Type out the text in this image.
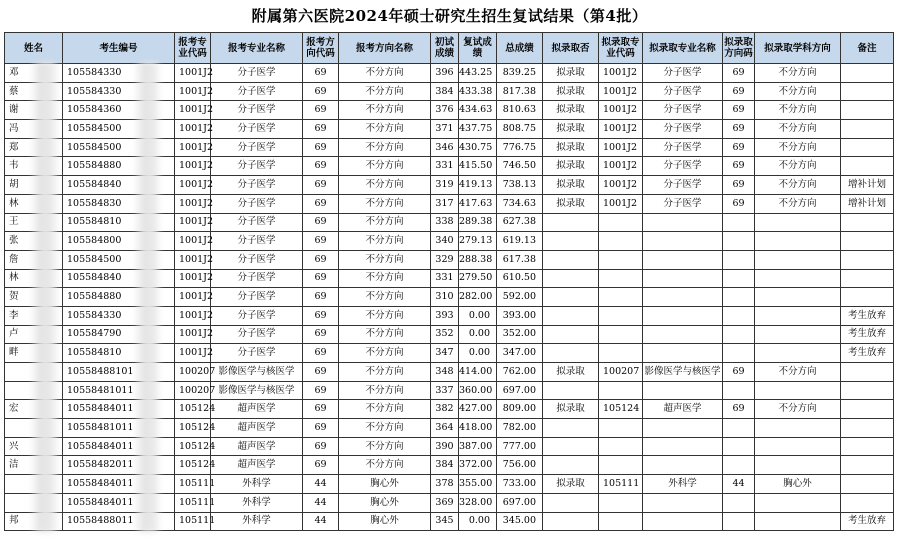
附属第六医院2024年硕士研究生招生复试结果（第4批）
姓名	考生编号	报考专业代码	报考专业名称	报考方向代码	报考方向名称	初试成绩	复试成绩	总成绩	拟录取否	拟录取专业代码	拟录取专业名称	拟录取方向码	拟录取学科方向	备注
邓	105584330	1001J2	分子医学	69	不分方向	396	443.25	839.25	拟录取	1001J2	分子医学	69	不分方向	
蔡	105584330	1001J2	分子医学	69	不分方向	384	433.38	817.38	拟录取	1001J2	分子医学	69	不分方向	
谢	105584360	1001J2	分子医学	69	不分方向	376	434.63	810.63	拟录取	1001J2	分子医学	69	不分方向	
冯	105584500	1001J2	分子医学	69	不分方向	371	437.75	808.75	拟录取	1001J2	分子医学	69	不分方向	
郑	105584500	1001J2	分子医学	69	不分方向	346	430.75	776.75	拟录取	1001J2	分子医学	69	不分方向	
韦	105584880	1001J2	分子医学	69	不分方向	331	415.50	746.50	拟录取	1001J2	分子医学	69	不分方向	
胡	105584840	1001J2	分子医学	69	不分方向	319	419.13	738.13	拟录取	1001J2	分子医学	69	不分方向	增补计划
林	105584830	1001J2	分子医学	69	不分方向	317	417.63	734.63	拟录取	1001J2	分子医学	69	不分方向	增补计划
王	105584810	1001J2	分子医学	69	不分方向	338	289.38	627.38						
张	105584800	1001J2	分子医学	69	不分方向	340	279.13	619.13						
詹	105584500	1001J2	分子医学	69	不分方向	329	288.38	617.38						
林	105584840	1001J2	分子医学	69	不分方向	331	279.50	610.50						
贺	105584880	1001J2	分子医学	69	不分方向	310	282.00	592.00						
李	105584330	1001J2	分子医学	69	不分方向	393	0.00	393.00						考生放弃
卢	105584790	1001J2	分子医学	69	不分方向	352	0.00	352.00						考生放弃
畔	105584810	1001J2	分子医学	69	不分方向	347	0.00	347.00						考生放弃
	10558488101	100207	影像医学与核医学	69	不分方向	348	414.00	762.00	拟录取	100207	影像医学与核医学	69	不分方向	
	10558481011	100207	影像医学与核医学	69	不分方向	337	360.00	697.00						
宏	10558484011	105124	超声医学	69	不分方向	382	427.00	809.00	拟录取	105124	超声医学	69	不分方向	
	10558481011	105124	超声医学	69	不分方向	364	418.00	782.00						
兴	10558484011	105124	超声医学	69	不分方向	390	387.00	777.00						
洁	10558482011	105124	超声医学	69	不分方向	384	372.00	756.00						
	10558484011	105111	外科学	44	胸心外	378	355.00	733.00	拟录取	105111	外科学	44	胸心外	
	10558484011	105111	外科学	44	胸心外	369	328.00	697.00						
邦	10558488011	105111	外科学	44	胸心外	345	0.00	345.00						考生放弃
